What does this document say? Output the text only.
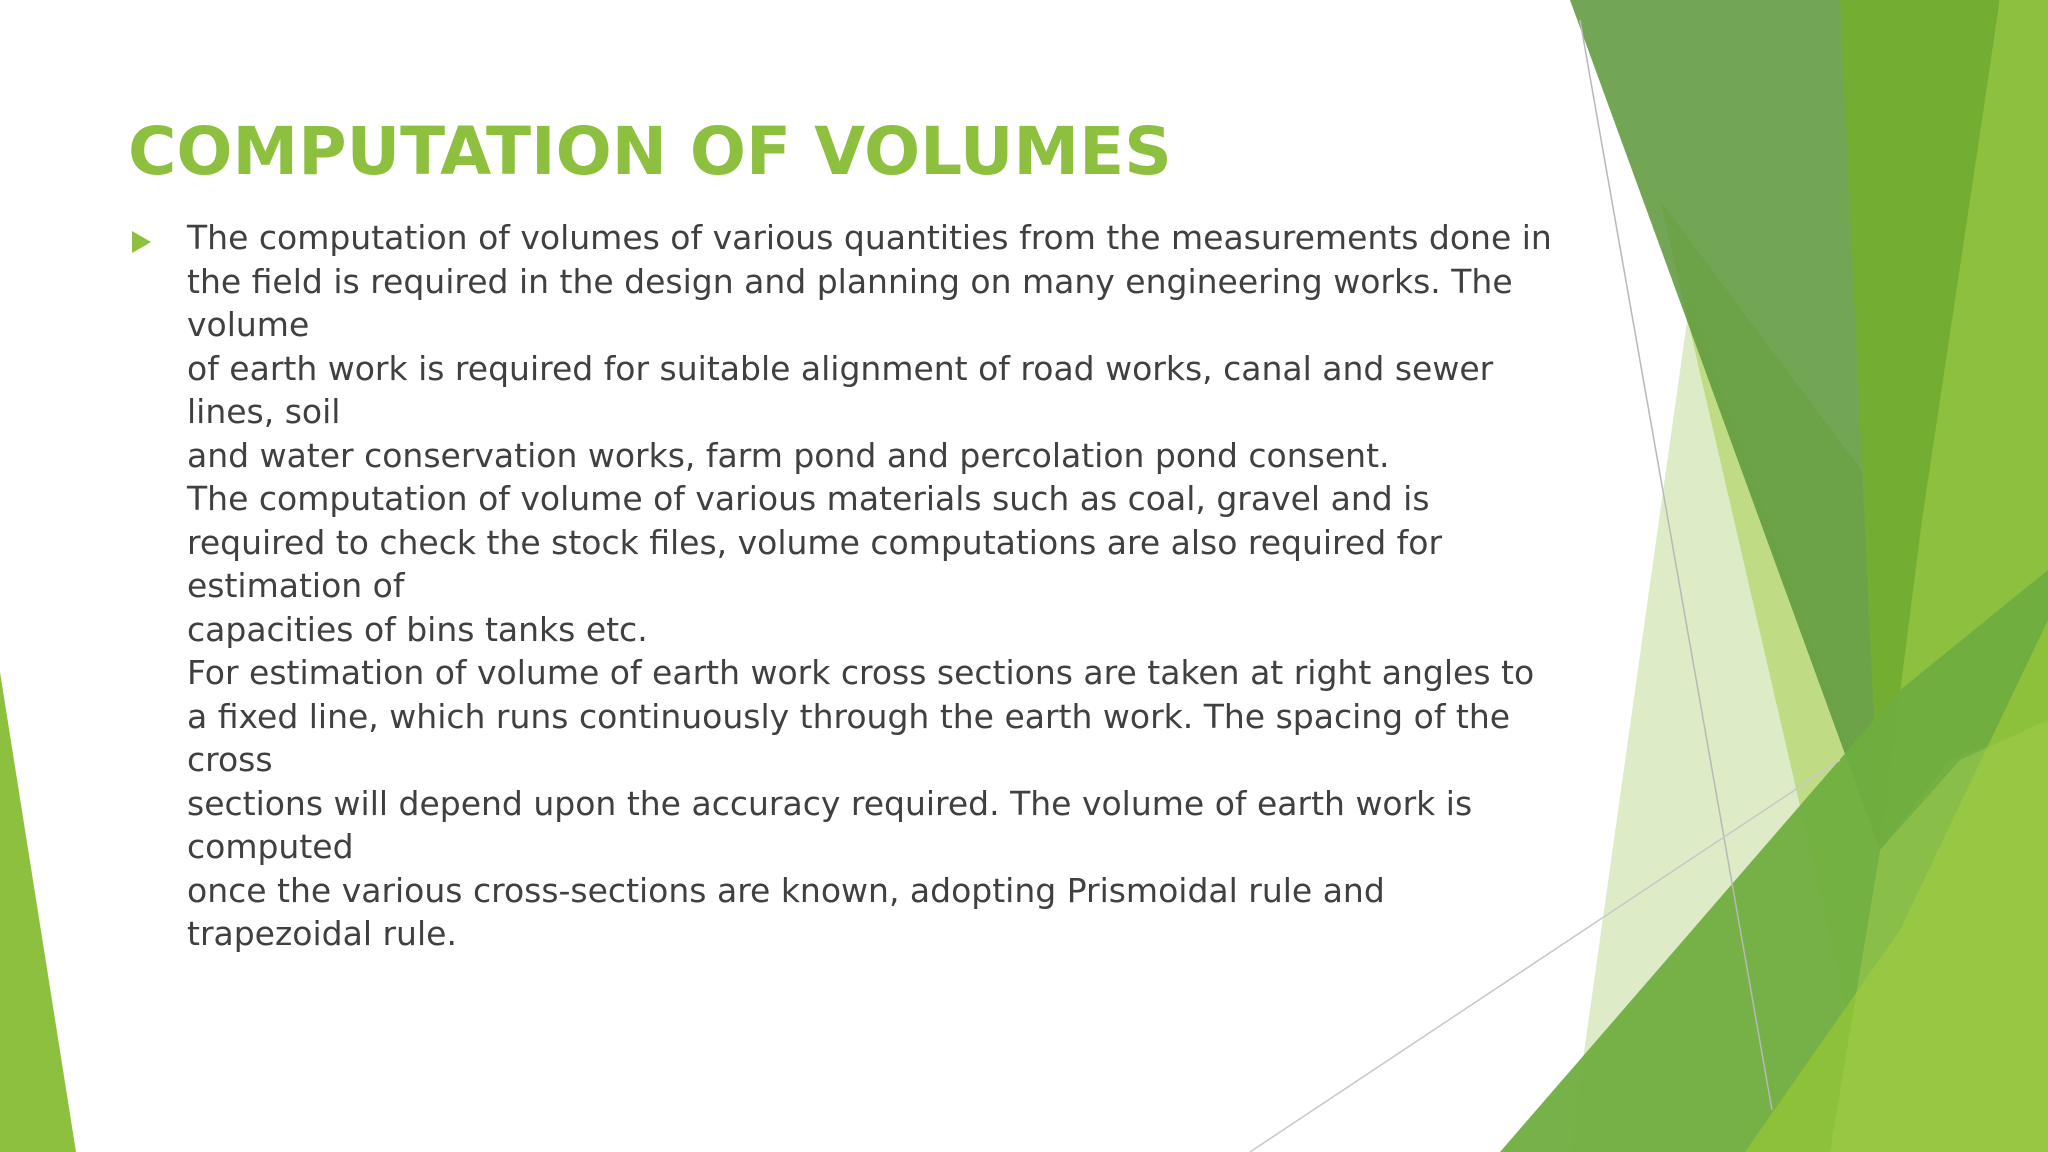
COMPUTATION OF VOLUMES
The computation of volumes of various quantities from the measurements done in
the field is required in the design and planning on many engineering works. The
volume
of earth work is required for suitable alignment of road works, canal and sewer
lines, soil
and water conservation works, farm pond and percolation pond consent.
The computation of volume of various materials such as coal, gravel and is
required to check the stock files, volume computations are also required for
estimation of
capacities of bins tanks etc.
For estimation of volume of earth work cross sections are taken at right angles to
a fixed line, which runs continuously through the earth work. The spacing of the
cross
sections will depend upon the accuracy required. The volume of earth work is
computed
once the various cross-sections are known, adopting Prismoidal rule and
trapezoidal rule.
